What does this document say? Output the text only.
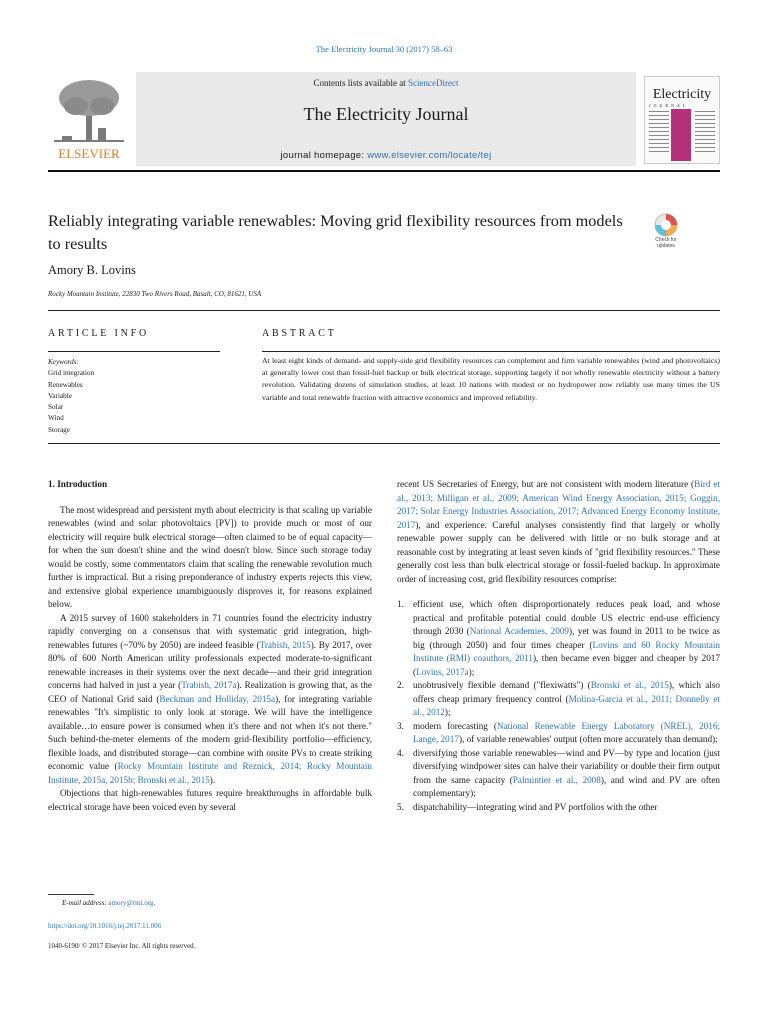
The Electricity Journal 30 (2017) 58–63
ELSEVIER
Contents lists available at ScienceDirect
The Electricity Journal
journal homepage: www.elsevier.com/locate/tej
Electricity
JOURNAL
Reliably integrating variable renewables: Moving grid flexibility resources from models to results	Check for updates
Amory B. Lovins
Rocky Mountain Institute, 22830 Two Rivers Road, Basalt, CO, 81621, USA
ARTICLE INFO	ABSTRACT
Keywords:
Grid integration
Renewables
Variable
Solar
Wind
Storage
At least eight kinds of demand- and supply-side grid flexibility resources can complement and firm variable renewables (wind and photovoltaics) at generally lower cost than fossil-fuel backup or bulk electrical storage, supporting largely if not wholly renewable electricity without a battery revolution. Validating dozens of simulation studies, at least 10 nations with modest or no hydropower now reliably use many times the US variable and total renewable fraction with attractive economics and improved reliability.
1. Introduction

The most widespread and persistent myth about electricity is that scaling up variable renewables (wind and solar photovoltaics [PV]) to provide much or most of our electricity will require bulk electrical storage—often claimed to be of equal capacity—for when the sun doesn't shine and the wind doesn't blow. Since such storage today would be costly, some commentators claim that scaling the renewable revolution much further is impractical. But a rising preponderance of industry experts rejects this view, and extensive global experience unambiguously disproves it, for reasons explained below.

A 2015 survey of 1600 stakeholders in 71 countries found the electricity industry rapidly converging on a consensus that with systematic grid integration, high-renewables futures (~70% by 2050) are indeed feasible (Trabish, 2015). By 2017, over 80% of 600 North American utility professionals expected moderate-to-significant renewable increases in their systems over the next decade—and their grid integration concerns had halved in just a year (Trabish, 2017a). Realization is growing that, as the CEO of National Grid said (Beckman and Holliday, 2015a), for integrating variable renewables "It's simplistic to only look at storage. We will have the intelligence available…to ensure power is consumed when it's there and not when it's not there." Such behind-the-meter elements of the modern grid-flexibility portfolio—efficiency, flexible loads, and distributed storage—can combine with onsite PVs to create striking economic value (Rocky Mountain Institute and Reznick, 2014; Rocky Mountain Institute, 2015a, 2015b; Bronski et al., 2015).

Objections that high-renewables futures require breakthroughs in affordable bulk electrical storage have been voiced even by several

recent US Secretaries of Energy, but are not consistent with modern literature (Bird et al., 2013; Milligan et al., 2009; American Wind Energy Association, 2015; Goggin, 2017; Solar Energy Industries Association, 2017; Advanced Energy Economy Institute, 2017), and experience. Careful analyses consistently find that largely or wholly renewable power supply can be delivered with little or no bulk storage and at reasonable cost by integrating at least seven kinds of "grid flexibility resources." These generally cost less than bulk electrical storage or fossil-fueled backup. In approximate order of increasing cost, grid flexibility resources comprise:

1. efficient use, which often disproportionately reduces peak load, and whose practical and profitable potential could double US electric end-use efficiency through 2030 (National Academies, 2009), yet was found in 2011 to be twice as big (through 2050) and four times cheaper (Lovins and 60 Rocky Mountain Institute (RMI) coauthors, 2011), then became even bigger and cheaper by 2017 (Lovins, 2017a);
2. unobtrusively flexible demand ("flexiwatts") (Bronski et al., 2015), which also offers cheap primary frequency control (Molina-García et al., 2011; Donnelly et al., 2012);
3. modern forecasting (National Renewable Energy Laboratory (NREL), 2016; Lange, 2017), of variable renewables' output (often more accurately than demand);
4. diversifying those variable renewables—wind and PV—by type and location (just diversifying windpower sites can halve their variability or double their firm output from the same capacity (Palmintier et al., 2008), and wind and PV are often complementary);
5. dispatchability—integrating wind and PV portfolios with the other
E-mail address: amory@rmi.org.
https://doi.org/10.1016/j.tej.2017.11.006
1040-6190/ © 2017 Elsevier Inc. All rights reserved.
